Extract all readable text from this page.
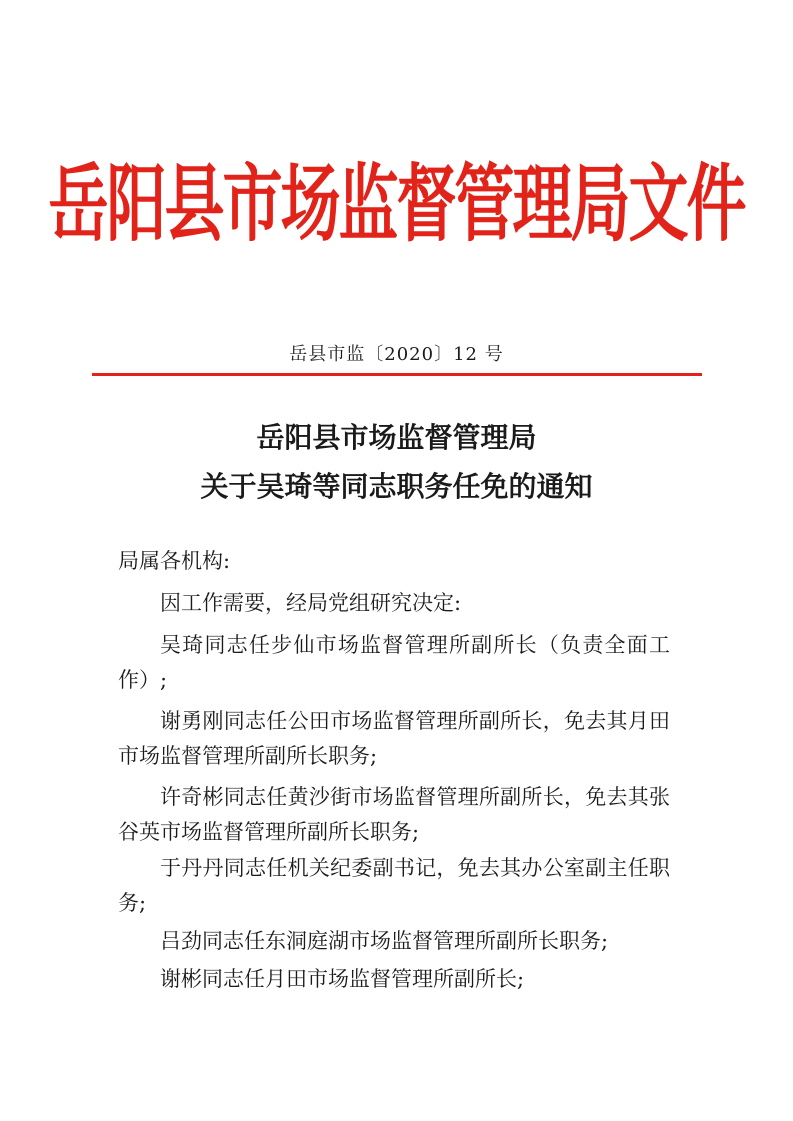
岳阳县市场监督管理局文件
岳县市监〔2020〕12 号
岳阳县市场监督管理局
关于吴琦等同志职务任免的通知
局属各机构:
因工作需要，经局党组研究决定:
吴琦同志任步仙市场监督管理所副所长（负责全面工
作）;
谢勇刚同志任公田市场监督管理所副所长，免去其月田
市场监督管理所副所长职务;
许奇彬同志任黄沙街市场监督管理所副所长，免去其张
谷英市场监督管理所副所长职务;
于丹丹同志任机关纪委副书记，免去其办公室副主任职
务;
吕劲同志任东洞庭湖市场监督管理所副所长职务;
谢彬同志任月田市场监督管理所副所长;
